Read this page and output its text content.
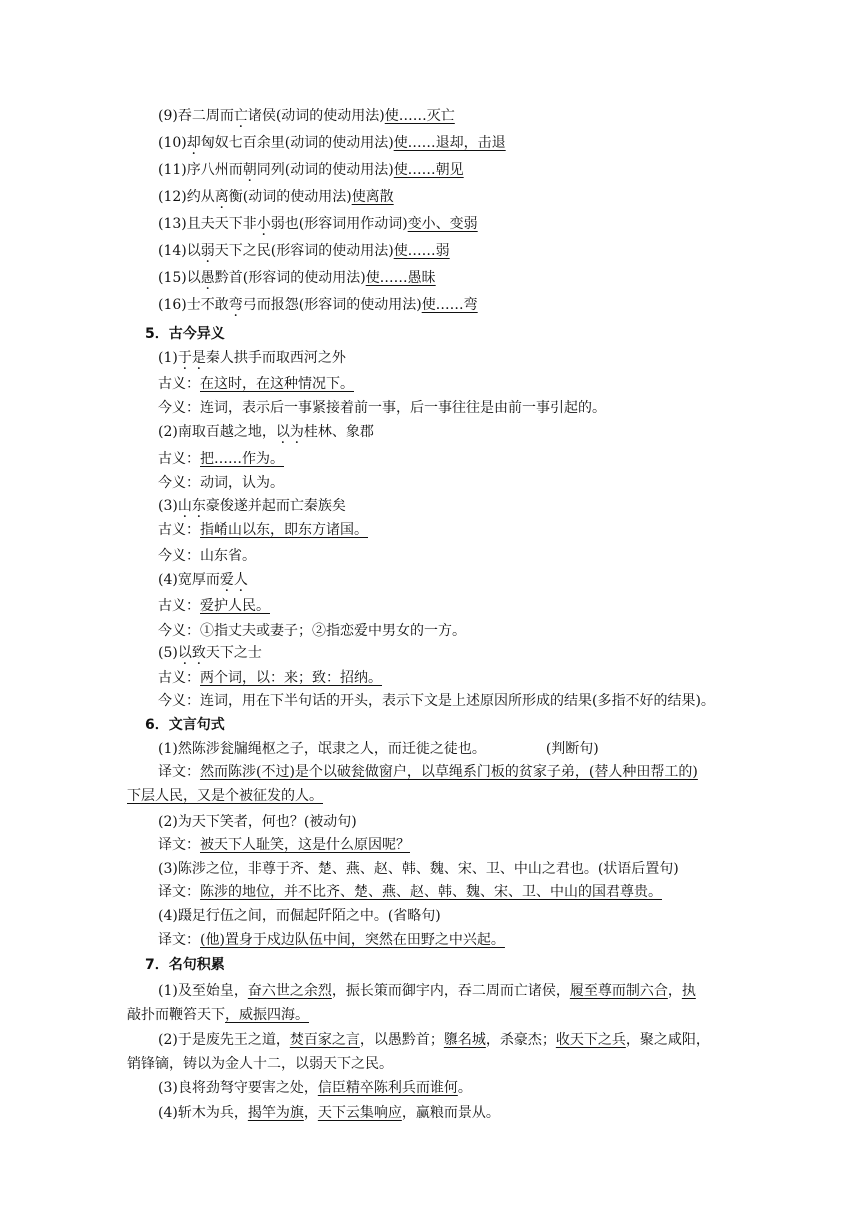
(9)吞二周而亡诸侯(动词的使动用法)使……灭亡
(10)却匈奴七百余里(动词的使动用法)使……退却，击退
(11)序八州而朝同列(动词的使动用法)使……朝见
(12)约从离衡(动词的使动用法)使离散
(13)且夫天下非小弱也(形容词用作动词)变小、变弱
(14)以弱天下之民(形容词的使动用法)使……弱
(15)以愚黔首(形容词的使动用法)使……愚昧
(16)士不敢弯弓而报怨(形容词的使动用法)使……弯
5．古今异义
(1)于是秦人拱手而取西河之外
古义：在这时，在这种情况下。
今义：连词，表示后一事紧接着前一事，后一事往往是由前一事引起的。
(2)南取百越之地，以为桂林、象郡
古义：把……作为。
今义：动词，认为。
(3)山东豪俊遂并起而亡秦族矣
古义：指崤山以东，即东方诸国。
今义：山东省。
(4)宽厚而爱人
古义：爱护人民。
今义：①指丈夫或妻子；②指恋爱中男女的一方。
(5)以致天下之士
古义：两个词，以：来；致：招纳。
今义：连词，用在下半句话的开头，表示下文是上述原因所形成的结果(多指不好的结果)。
6．文言句式
(1)然陈涉瓮牖绳枢之子，氓隶之人，而迁徙之徒也。	(判断句)
译文：然而陈涉(不过)是个以破瓮做窗户，以草绳系门板的贫家子弟，(替人种田帮工的)
下层人民，又是个被征发的人。
(2)为天下笑者，何也？(被动句)
译文：被天下人耻笑，这是什么原因呢？
(3)陈涉之位，非尊于齐、楚、燕、赵、韩、魏、宋、卫、中山之君也。(状语后置句)
译文：陈涉的地位，并不比齐、楚、燕、赵、韩、魏、宋、卫、中山的国君尊贵。
(4)蹑足行伍之间，而倔起阡陌之中。(省略句)
译文：(他)置身于戍边队伍中间，突然在田野之中兴起。
7．名句积累
(1)及至始皇，奋六世之余烈，振长策而御宇内，吞二周而亡诸侯，履至尊而制六合，执
敲扑而鞭笞天下，威振四海。
(2)于是废先王之道，焚百家之言，以愚黔首；隳名城，杀豪杰；收天下之兵，聚之咸阳，
销锋镝，铸以为金人十二，以弱天下之民。
(3)良将劲弩守要害之处，信臣精卒陈利兵而谁何。
(4)斩木为兵，揭竿为旗，天下云集响应，赢粮而景从。
